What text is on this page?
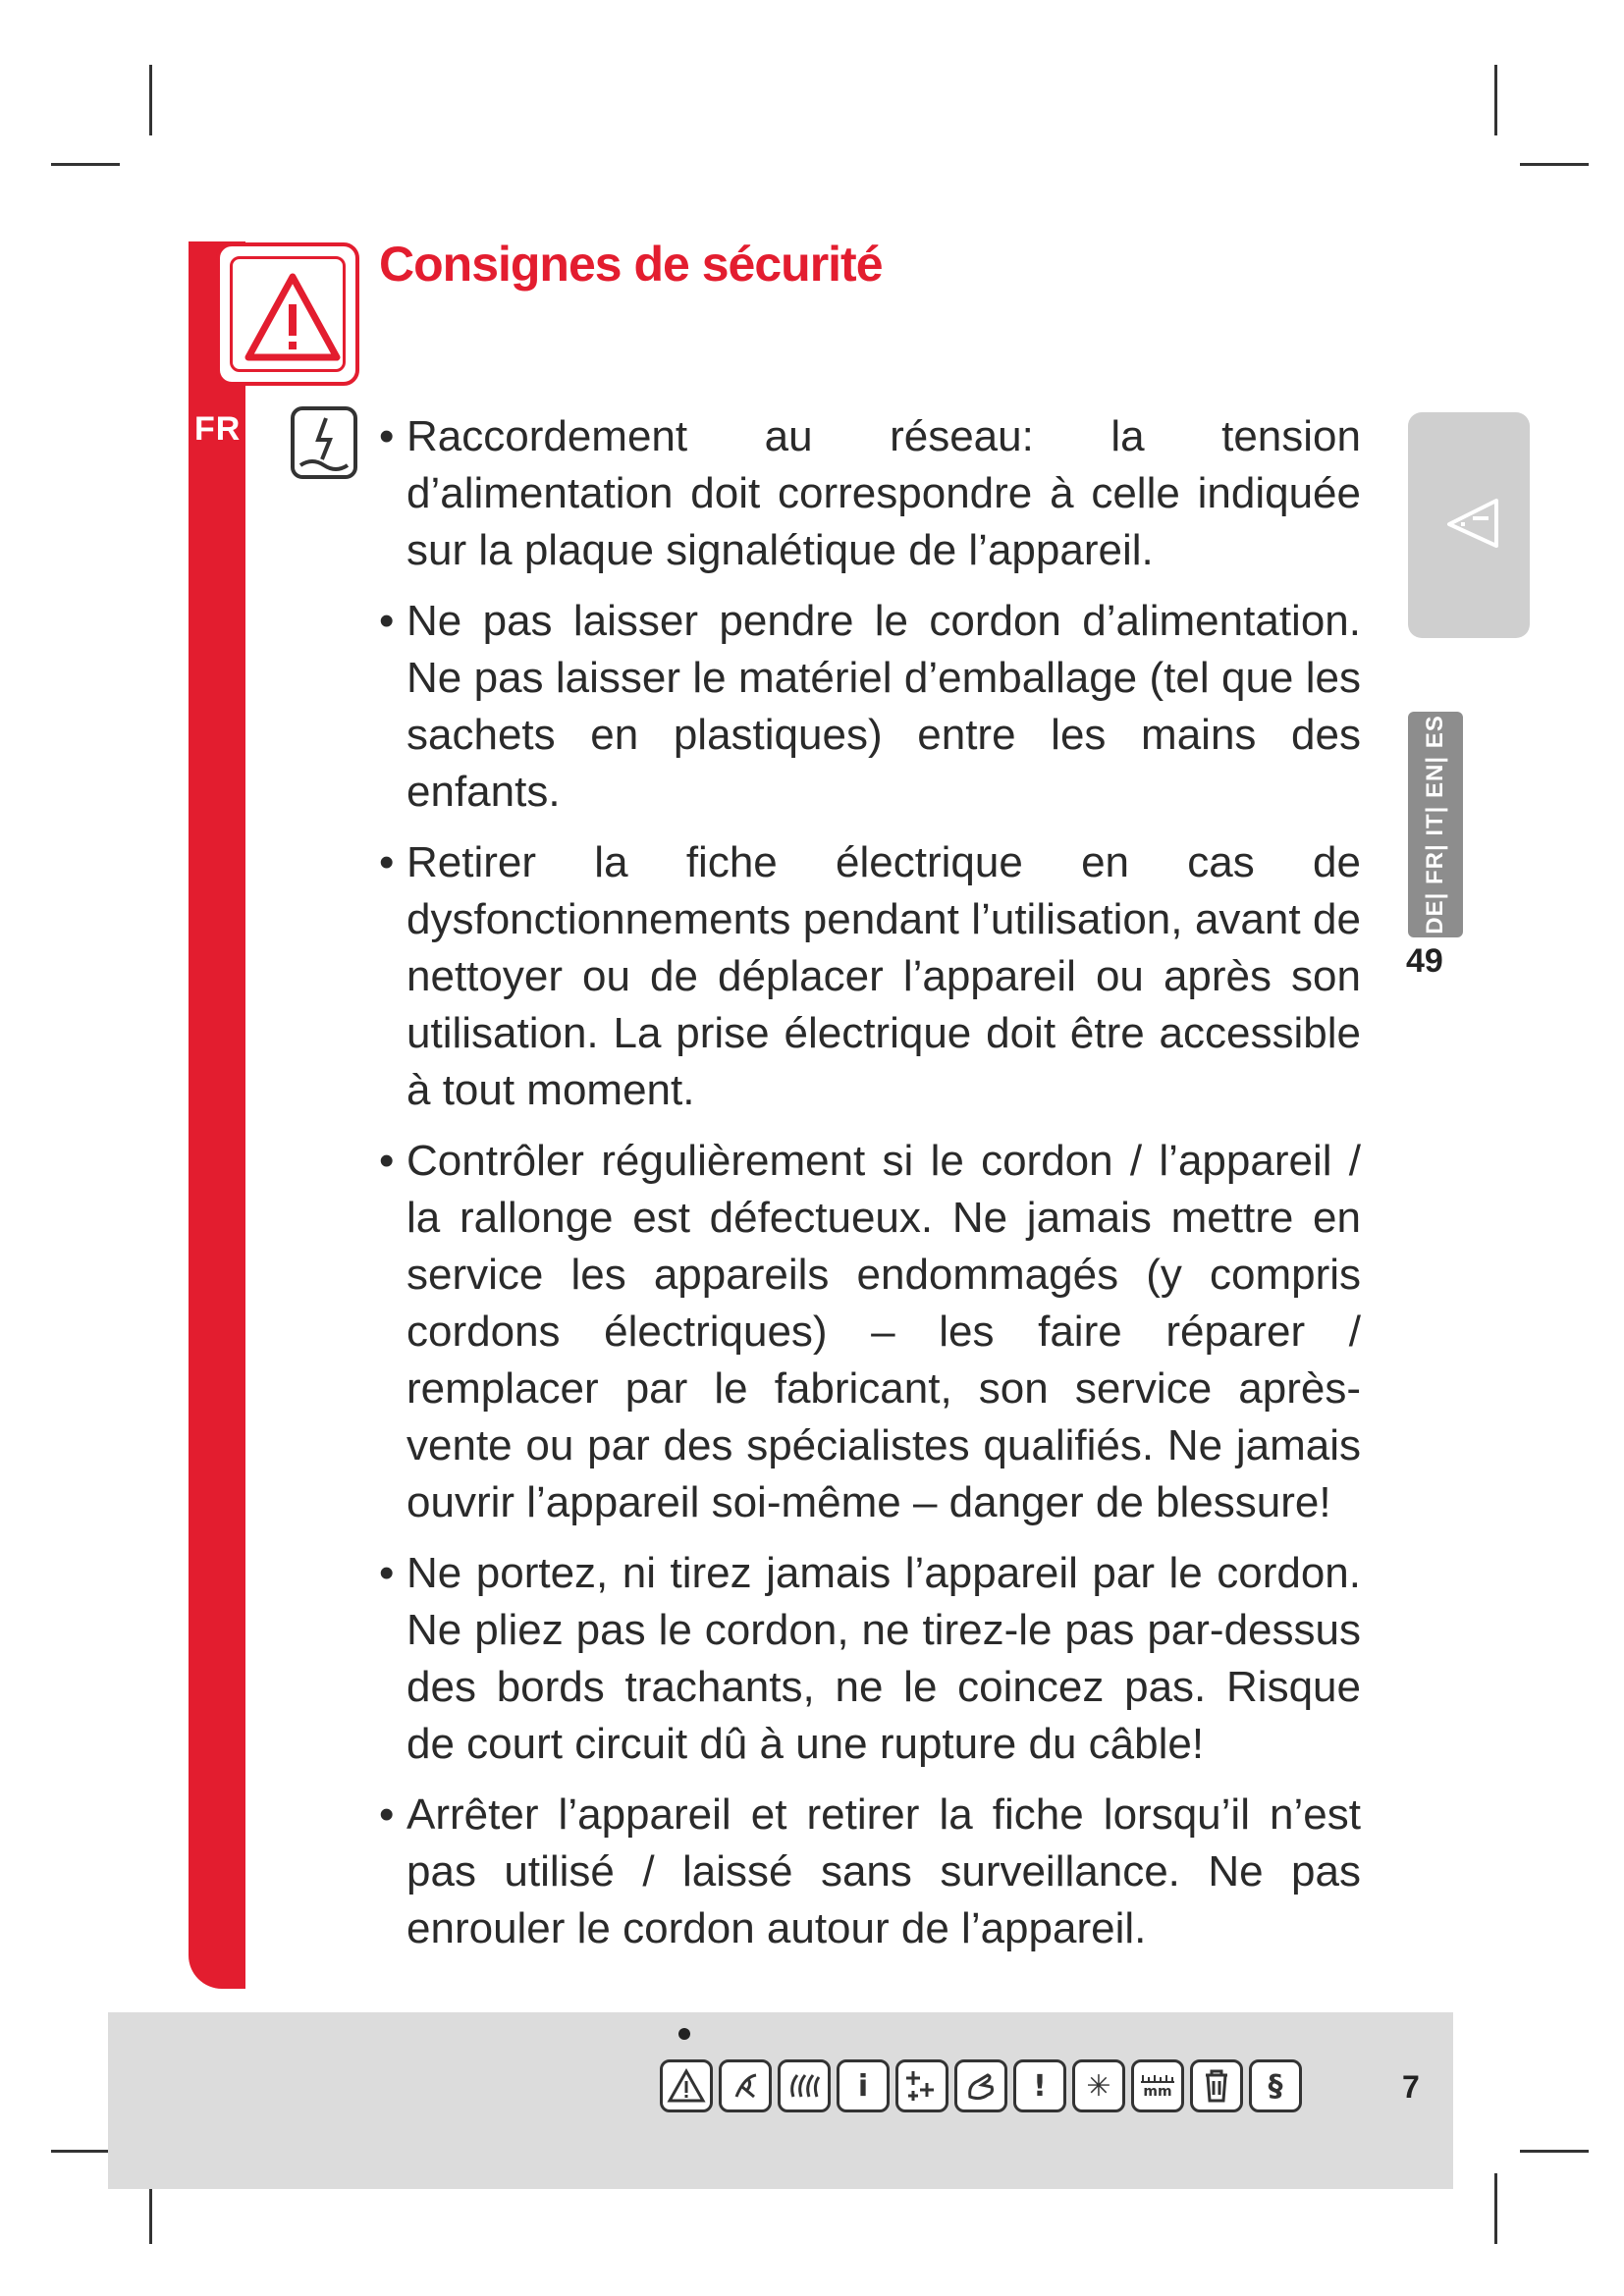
FR
Consignes de sécurité
• Raccordement au réseau: la tension d’alimentation doit correspondre à celle indiquée sur la plaque signalétique de l’appareil.
• Ne pas laisser pendre le cordon d’alimentation. Ne pas laisser le matériel d’emballage (tel que les sachets en plastiques) entre les mains des enfants.
• Retirer la fiche électrique en cas de dysfonctionnements pendant l’utilisation, avant de nettoyer ou de déplacer l’appareil ou après son utilisation. La prise électrique doit être accessible à tout moment.
• Contrôler régulièrement si le cordon / l’appareil / la rallonge est défectueux. Ne jamais mettre en service les appareils endommagés (y compris cordons électriques) – les faire réparer / remplacer par le fabricant, son service après-vente ou par des spécialistes qualifiés. Ne jamais ouvrir l’appareil soi-même – danger de blessure!
• Ne portez, ni tirez jamais l’appareil par le cordon. Ne pliez pas le cordon, ne tirez-le pas par-dessus des bords trachants, ne le coincez pas. Risque de court circuit dû à une rupture du câble!
• Arrêter l’appareil et retirer la fiche lorsqu’il n’est pas utilisé / laissé sans surveillance. Ne pas enrouler le cordon autour de l’appareil.
DE| FR| IT| EN| ES
49
i	!	✳	mm	§	7
